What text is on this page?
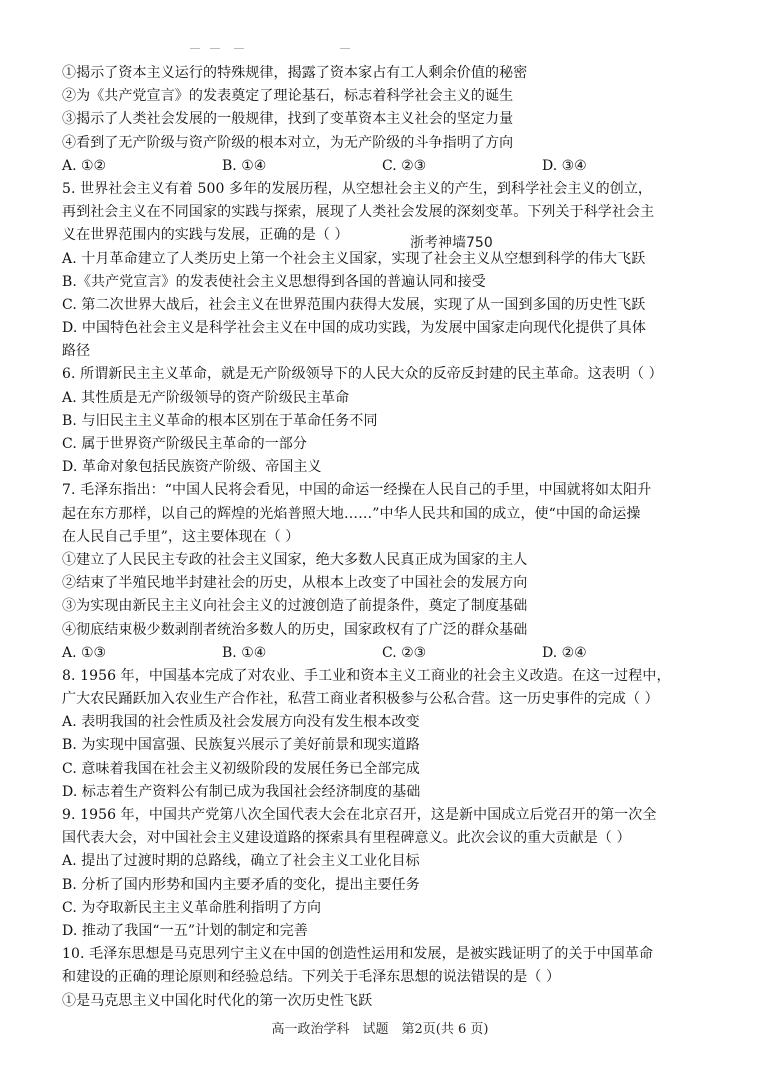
①揭示了资本主义运行的特殊规律，揭露了资本家占有工人剩余价值的秘密
②为《共产党宣言》的发表奠定了理论基石，标志着科学社会主义的诞生
③揭示了人类社会发展的一般规律，找到了变革资本主义社会的坚定力量
④看到了无产阶级与资产阶级的根本对立，为无产阶级的斗争指明了方向
A. ①②	B. ①④	C. ②③	D. ③④
5. 世界社会主义有着 500 多年的发展历程，从空想社会主义的产生，到科学社会主义的创立，
再到社会主义在不同国家的实践与探索，展现了人类社会发展的深刻变革。下列关于科学社会主
义在世界范围内的实践与发展，正确的是（ ）
A. 十月革命建立了人类历史上第一个社会主义国家，实现了社会主义从空想到科学的伟大飞跃
B.《共产党宣言》的发表使社会主义思想得到各国的普遍认同和接受
C. 第二次世界大战后，社会主义在世界范围内获得大发展，实现了从一国到多国的历史性飞跃
D. 中国特色社会主义是科学社会主义在中国的成功实践，为发展中国家走向现代化提供了具体
路径
6. 所谓新民主主义革命，就是无产阶级领导下的人民大众的反帝反封建的民主革命。这表明（ ）
A. 其性质是无产阶级领导的资产阶级民主革命
B. 与旧民主主义革命的根本区别在于革命任务不同
C. 属于世界资产阶级民主革命的一部分
D. 革命对象包括民族资产阶级、帝国主义
7. 毛泽东指出：“中国人民将会看见，中国的命运一经操在人民自己的手里，中国就将如太阳升
起在东方那样，以自己的辉煌的光焰普照大地……”中华人民共和国的成立，使“中国的命运操
在人民自己手里”，这主要体现在（ ）
①建立了人民民主专政的社会主义国家，绝大多数人民真正成为国家的主人
②结束了半殖民地半封建社会的历史，从根本上改变了中国社会的发展方向
③为实现由新民主主义向社会主义的过渡创造了前提条件，奠定了制度基础
④彻底结束极少数剥削者统治多数人的历史，国家政权有了广泛的群众基础
A. ①③	B. ①④	C. ②③	D. ②④
8. 1956 年，中国基本完成了对农业、手工业和资本主义工商业的社会主义改造。在这一过程中，
广大农民踊跃加入农业生产合作社，私营工商业者积极参与公私合营。这一历史事件的完成（ ）
A. 表明我国的社会性质及社会发展方向没有发生根本改变
B. 为实现中国富强、民族复兴展示了美好前景和现实道路
C. 意味着我国在社会主义初级阶段的发展任务已全部完成
D. 标志着生产资料公有制已成为我国社会经济制度的基础
9. 1956 年，中国共产党第八次全国代表大会在北京召开，这是新中国成立后党召开的第一次全
国代表大会，对中国社会主义建设道路的探索具有里程碑意义。此次会议的重大贡献是（ ）
A. 提出了过渡时期的总路线，确立了社会主义工业化目标
B. 分析了国内形势和国内主要矛盾的变化，提出主要任务
C. 为夺取新民主主义革命胜利指明了方向
D. 推动了我国“一五”计划的制定和完善
10. 毛泽东思想是马克思列宁主义在中国的创造性运用和发展，是被实践证明了的关于中国革命
和建设的正确的理论原则和经验总结。下列关于毛泽东思想的说法错误的是（ ）
①是马克思主义中国化时代化的第一次历史性飞跃
浙考神墙750
高一政治学科　试题　第2页(共 6 页)
